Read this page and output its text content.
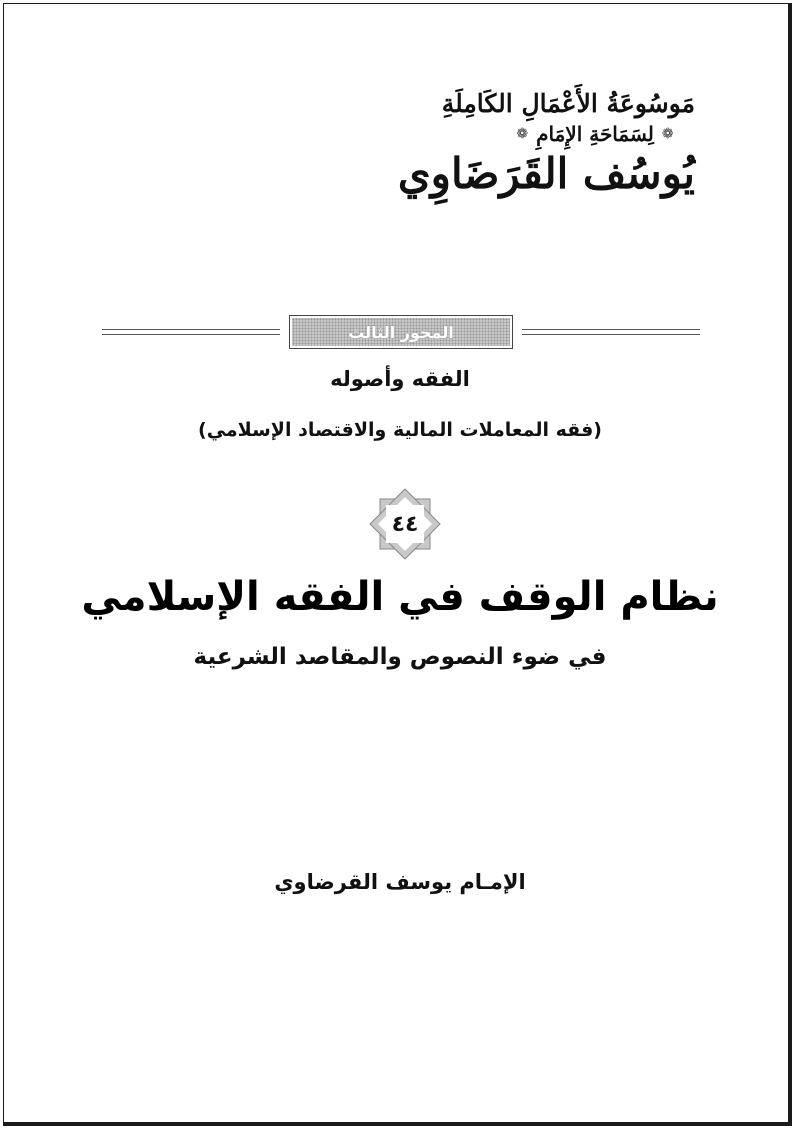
مَوسُوعَةُ الأَعْمَالِ الكَامِلَةِ
❁
لِسَمَاحَةِ الإِمَامِ
❁
يُوسُف القَرَضَاوِي
المحور الثالث
الفقه وأصوله
(فقه المعاملات المالية والاقتصاد الإسلامي)
٤٤
نظام الوقف في الفقه الإسلامي
في ضوء النصوص والمقاصد الشرعية
الإمـام يوسف القرضاوي
